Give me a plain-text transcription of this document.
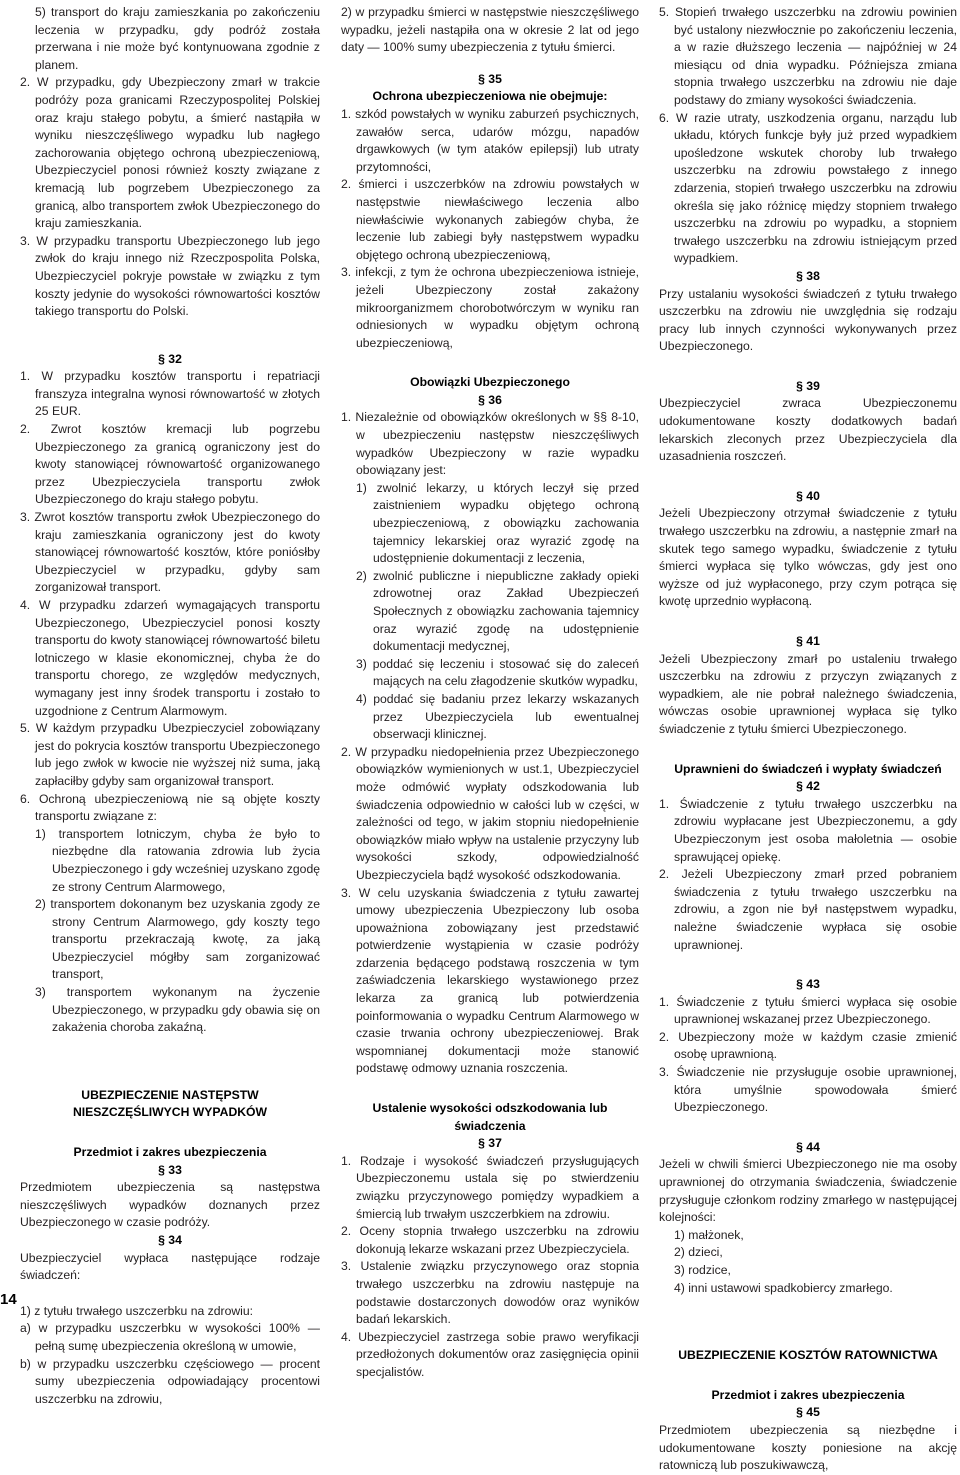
5) transport do kraju zamieszkania po zakończeniu leczenia w przypadku, gdy podróż została przerwana i nie może być kontynuowana zgodnie z planem.

2. W przypadku, gdy Ubezpieczony zmarł w trakcie podróży poza granicami Rzeczypospolitej Polskiej oraz kraju stałego pobytu, a śmierć nastąpiła w wyniku nieszczęśliwego wypadku lub nagłego zachorowania objętego ochroną ubezpieczeniową, Ubezpieczyciel ponosi również koszty związane z kremacją lub pogrzebem Ubezpieczonego za granicą, albo transportem zwłok Ubezpieczonego do kraju zamieszkania.

3. W przypadku transportu Ubezpieczonego lub jego zwłok do kraju innego niż Rzeczpospolita Polska, Ubezpieczyciel pokryje powstałe w związku z tym koszty jedynie do wysokości równowartości kosztów takiego transportu do Polski.

§ 32

1. W przypadku kosztów transportu i repatriacji franszyza integralna wynosi równowartość w złotych 25 EUR.

2. Zwrot kosztów kremacji lub pogrzebu Ubezpieczonego za granicą ograniczony jest do kwoty stanowiącej równowartość organizowanego przez Ubezpieczyciela transportu zwłok Ubezpieczonego do kraju stałego pobytu.

3. Zwrot kosztów transportu zwłok Ubezpieczonego do kraju zamieszkania ograniczony jest do kwoty stanowiącej równowartość kosztów, które poniósłby Ubezpieczyciel w przypadku, gdyby sam zorganizował transport.

4. W przypadku zdarzeń wymagających transportu Ubezpieczonego, Ubezpieczyciel ponosi koszty transportu do kwoty stanowiącej równowartość biletu lotniczego w klasie ekonomicznej, chyba że do transportu chorego, ze względów medycznych, wymagany jest inny środek transportu i zostało to uzgodnione z Centrum Alarmowym.

5. W każdym przypadku Ubezpieczyciel zobowiązany jest do pokrycia kosztów transportu Ubezpieczonego lub jego zwłok w kwocie nie wyższej niż suma, jaką zapłaciłby gdyby sam organizował transport.

6. Ochroną ubezpieczeniową nie są objęte koszty transportu związane z:

1) transportem lotniczym, chyba że było to niezbędne dla ratowania zdrowia lub życia Ubezpieczonego i gdy wcześniej uzyskano zgodę ze strony Centrum Alarmowego,

2) transportem dokonanym bez uzyskania zgody ze strony Centrum Alarmowego, gdy koszty tego transportu przekraczają kwotę, za jaką Ubezpieczyciel mógłby sam zorganizować transport,

3) transportem wykonanym na życzenie Ubezpieczonego, w przypadku gdy obawia się on zakażenia choroba zakaźną.

UBEZPIECZENIE NASTĘPSTW

NIESZCZĘŚLIWYCH WYPADKÓW

Przedmiot i zakres ubezpieczenia

§ 33

Przedmiotem ubezpieczenia są następstwa nieszczęśliwych wypadków doznanych przez Ubezpieczonego w czasie podróży.

§ 34

Ubezpieczyciel wypłaca następujące rodzaje świadczeń:

1) z tytułu trwałego uszczerbku na zdrowiu:

a) w przypadku uszczerbku w wysokości 100% — pełną sumę ubezpieczenia określoną w umowie,

b) w przypadku uszczerbku częściowego — procent sumy ubezpieczenia odpowiadający procentowi uszczerbku na zdrowiu,

2) w przypadku śmierci w następstwie nieszczęśliwego wypadku, jeżeli nastąpiła ona w okresie 2 lat od jego daty — 100% sumy ubezpieczenia z tytułu śmierci.

§ 35

Ochrona ubezpieczeniowa nie obejmuje:

1. szkód powstałych w wyniku zaburzeń psychicznych, zawałów serca, udarów mózgu, napadów drgawkowych (w tym ataków epilepsji) lub utraty przytomności,

2. śmierci i uszczerbków na zdrowiu powstałych w następstwie niewłaściwego leczenia albo niewłaściwie wykonanych zabiegów chyba, że leczenie lub zabiegi były następstwem wypadku objętego ochroną ubezpieczeniową,

3. infekcji, z tym że ochrona ubezpieczeniowa istnieje, jeżeli Ubezpieczony został zakażony mikroorganizmem chorobotwórczym w wyniku ran odniesionych w wypadku objętym ochroną ubezpieczeniową,

Obowiązki Ubezpieczonego

§ 36

1. Niezależnie od obowiązków określonych w §§ 8-10, w ubezpieczeniu następstw nieszczęśliwych wypadków Ubezpieczony w razie wypadku obowiązany jest:

1) zwolnić lekarzy, u których leczył się przed zaistnieniem wypadku objętego ochroną ubezpieczeniową, z obowiązku zachowania tajemnicy lekarskiej oraz wyrazić zgodę na udostępnienie dokumentacji z leczenia,

2) zwolnić publiczne i niepubliczne zakłady opieki zdrowotnej oraz Zakład Ubezpieczeń Społecznych z obowiązku zachowania tajemnicy oraz wyrazić zgodę na udostępnienie dokumentacji medycznej,

3) poddać się leczeniu i stosować się do zaleceń mających na celu złagodzenie skutków wypadku,

4) poddać się badaniu przez lekarzy wskazanych przez Ubezpieczyciela lub ewentualnej obserwacji klinicznej.

2. W przypadku niedopełnienia przez Ubezpieczonego obowiązków wymienionych w ust.1, Ubezpieczyciel może odmówić wypłaty odszkodowania lub świadczenia odpowiednio w całości lub w części, w zależności od tego, w jakim stopniu niedopełnienie obowiązków miało wpływ na ustalenie przyczyny lub wysokości szkody, odpowiedzialność Ubezpieczyciela bądź wysokość odszkodowania.

3. W celu uzyskania świadczenia z tytułu zawartej umowy ubezpieczenia Ubezpieczony lub osoba upoważniona zobowiązany jest przedstawić potwierdzenie wystąpienia w czasie podróży zdarzenia będącego podstawą roszczenia w tym zaświadczenia lekarskiego wystawionego przez lekarza za granicą lub potwierdzenia poinformowania o wypadku Centrum Alarmowego w czasie trwania ochrony ubezpieczeniowej. Brak wspomnianej dokumentacji może stanowić podstawę odmowy uznania roszczenia.

Ustalenie wysokości odszkodowania lub świadczenia

§ 37

1. Rodzaje i wysokość świadczeń przysługujących Ubezpieczonemu ustala się po stwierdzeniu związku przyczynowego pomiędzy wypadkiem a śmiercią lub trwałym uszczerbkiem na zdrowiu.

2. Oceny stopnia trwałego uszczerbku na zdrowiu dokonują lekarze wskazani przez Ubezpieczyciela.

3. Ustalenie związku przyczynowego oraz stopnia trwałego uszczerbku na zdrowiu następuje na podstawie dostarczonych dowodów oraz wyników badań lekarskich.

4. Ubezpieczyciel zastrzega sobie prawo weryfikacji przedłożonych dokumentów oraz zasięgnięcia opinii specjalistów.

5. Stopień trwałego uszczerbku na zdrowiu powinien być ustalony niezwłocznie po zakończeniu leczenia, a w razie dłuższego leczenia — najpóźniej w 24 miesiącu od dnia wypadku. Późniejsza zmiana stopnia trwałego uszczerbku na zdrowiu nie daje podstawy do zmiany wysokości świadczenia.

6. W razie utraty, uszkodzenia organu, narządu lub układu, których funkcje były już przed wypadkiem upośledzone wskutek choroby lub trwałego uszczerbku na zdrowiu powstałego z innego zdarzenia, stopień trwałego uszczerbku na zdrowiu określa się jako różnicę między stopniem trwałego uszczerbku na zdrowiu po wypadku, a stopniem trwałego uszczerbku na zdrowiu istniejącym przed wypadkiem.

§ 38

Przy ustalaniu wysokości świadczeń z tytułu trwałego uszczerbku na zdrowiu nie uwzględnia się rodzaju pracy lub innych czynności wykonywanych przez Ubezpieczonego.

§ 39

Ubezpieczyciel zwraca Ubezpieczonemu udokumentowane koszty dodatkowych badań lekarskich zleconych przez Ubezpieczyciela dla uzasadnienia roszczeń.

§ 40

Jeżeli Ubezpieczony otrzymał świadczenie z tytułu trwałego uszczerbku na zdrowiu, a następnie zmarł na skutek tego samego wypadku, świadczenie z tytułu śmierci wypłaca się tylko wówczas, gdy jest ono wyższe od już wypłaconego, przy czym potrąca się kwotę uprzednio wypłaconą.

§ 41

Jeżeli Ubezpieczony zmarł po ustaleniu trwałego uszczerbku na zdrowiu z przyczyn związanych z wypadkiem, ale nie pobrał należnego świadczenia, wówczas osobie uprawnionej wypłaca się tylko świadczenie z tytułu śmierci Ubezpieczonego.

Uprawnieni do świadczeń i wypłaty świadczeń

§ 42

1. Świadczenie z tytułu trwałego uszczerbku na zdrowiu wypłacane jest Ubezpieczonemu, a gdy Ubezpieczonym jest osoba małoletnia — osobie sprawującej opiekę.

2. Jeżeli Ubezpieczony zmarł przed pobraniem świadczenia z tytułu trwałego uszczerbku na zdrowiu, a zgon nie był następstwem wypadku, należne świadczenie wypłaca się osobie uprawnionej.

§ 43

1. Świadczenie z tytułu śmierci wypłaca się osobie uprawnionej wskazanej przez Ubezpieczonego.

2. Ubezpieczony może w każdym czasie zmienić osobę uprawnioną.

3. Świadczenie nie przysługuje osobie uprawnionej, która umyślnie spowodowała śmierć Ubezpieczonego.

§ 44

Jeżeli w chwili śmierci Ubezpieczonego nie ma osoby uprawnionej do otrzymania świadczenia, świadczenie przysługuje członkom rodziny zmarłego w następującej kolejności:

1) małżonek,

2) dzieci,

3) rodzice,

4) inni ustawowi spadkobiercy zmarłego.

UBEZPIECZENIE KOSZTÓW RATOWNICTWA

Przedmiot i zakres ubezpieczenia

§ 45

Przedmiotem ubezpieczenia są niezbędne i udokumentowane koszty poniesione na akcję ratowniczą lub poszukiwawczą,

14
